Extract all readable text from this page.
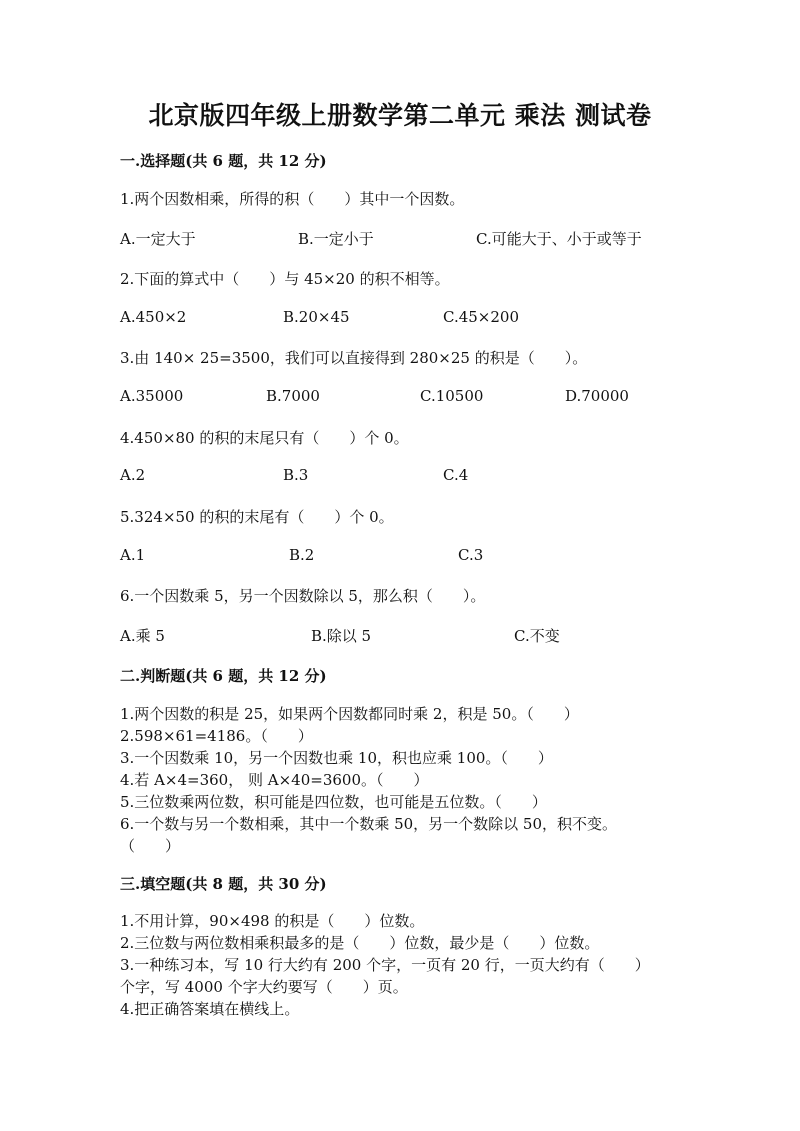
北京版四年级上册数学第二单元 乘法 测试卷
一.选择题(共 6 题，共 12 分)
1.两个因数相乘，所得的积（　　）其中一个因数。
A.一定大于	B.一定小于	C.可能大于、小于或等于
2.下面的算式中（　　）与 45×20 的积不相等。
A.450×2	B.20×45	C.45×200
3.由 140× 25=3500，我们可以直接得到 280×25 的积是（　　）。
A.35000	B.7000	C.10500	D.70000
4.450×80 的积的末尾只有（　　）个 0。
A.2	B.3	C.4
5.324×50 的积的末尾有（　　）个 0。
A.1	B.2	C.3
6.一个因数乘 5，另一个因数除以 5，那么积（　　）。
A.乘 5	B.除以 5	C.不变
二.判断题(共 6 题，共 12 分)
1.两个因数的积是 25，如果两个因数都同时乘 2，积是 50。（　　）
2.598×61=4186。（　　）
3.一个因数乘 10，另一个因数也乘 10，积也应乘 100。（　　）
4.若 A×4=360， 则 A×40=3600。（　　）
5.三位数乘两位数，积可能是四位数，也可能是五位数。（　　）
6.一个数与另一个数相乘，其中一个数乘 50，另一个数除以 50，积不变。
（　　）
三.填空题(共 8 题，共 30 分)
1.不用计算，90×498 的积是（　　）位数。
2.三位数与两位数相乘积最多的是（　　）位数，最少是（　　）位数。
3.一种练习本，写 10 行大约有 200 个字，一页有 20 行，一页大约有（　　）
个字，写 4000 个字大约要写（　　）页。
4.把正确答案填在横线上。
